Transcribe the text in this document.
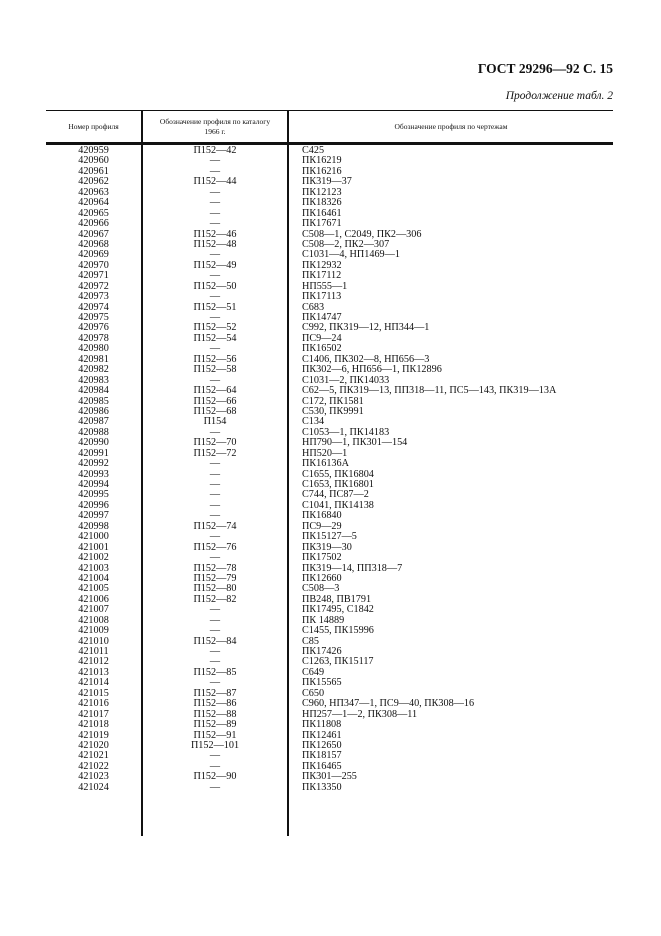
ГОСТ 29296—92 С. 15
Продолжение табл. 2
Номер профиля
Обозначение профиля по каталогу 1966 г.
Обозначение профиля по чертежам
420959	П152—42	С425
420960	—	ПК16219
420961	—	ПК16216
420962	П152—44	ПК319—37
420963	—	ПК12123
420964	—	ПК18326
420965	—	ПК16461
420966	—	ПК17671
420967	П152—46	С508—1, С2049, ПК2—306
420968	П152—48	С508—2, ПК2—307
420969	—	С1031—4, НП1469—1
420970	П152—49	ПК12932
420971	—	ПК17112
420972	П152—50	НП555—1
420973	—	ПК17113
420974	П152—51	С683
420975	—	ПК14747
420976	П152—52	С992, ПК319—12, НП344—1
420978	П152—54	ПС9—24
420980	—	ПК16502
420981	П152—56	С1406, ПК302—8, НП656—3
420982	П152—58	ПК302—6, НП656—1, ПК12896
420983	—	С1031—2, ПК14033
420984	П152—64	С62—5, ПК319—13, ПП318—11, ПС5—143, ПК319—13А
420985	П152—66	С172, ПК1581
420986	П152—68	С530, ПК9991
420987	П154	С134
420988	—	С1053—1, ПК14183
420990	П152—70	НП790—1, ПК301—154
420991	П152—72	НП520—1
420992	—	ПК16136А
420993	—	С1655, ПК16804
420994	—	С1653, ПК16801
420995	—	С744, ПС87—2
420996	—	С1041, ПК14138
420997	—	ПК16840
420998	П152—74	ПС9—29
421000	—	ПК15127—5
421001	П152—76	ПК319—30
421002	—	ПК17502
421003	П152—78	ПК319—14, ПП318—7
421004	П152—79	ПК12660
421005	П152—80	С508—3
421006	П152—82	ПВ248, ПВ1791
421007	—	ПК17495, С1842
421008	—	ПК 14889
421009	—	С1455, ПК15996
421010	П152—84	С85
421011	—	ПК17426
421012	—	С1263, ПК15117
421013	П152—85	С649
421014	—	ПК15565
421015	П152—87	С650
421016	П152—86	С960, НП347—1, ПС9—40, ПК308—16
421017	П152—88	НП257—1—2, ПК308—11
421018	П152—89	ПК11808
421019	П152—91	ПК12461
421020	П152—101	ПК12650
421021	—	ПК18157
421022	—	ПК16465
421023	П152—90	ПК301—255
421024	—	ПК13350
